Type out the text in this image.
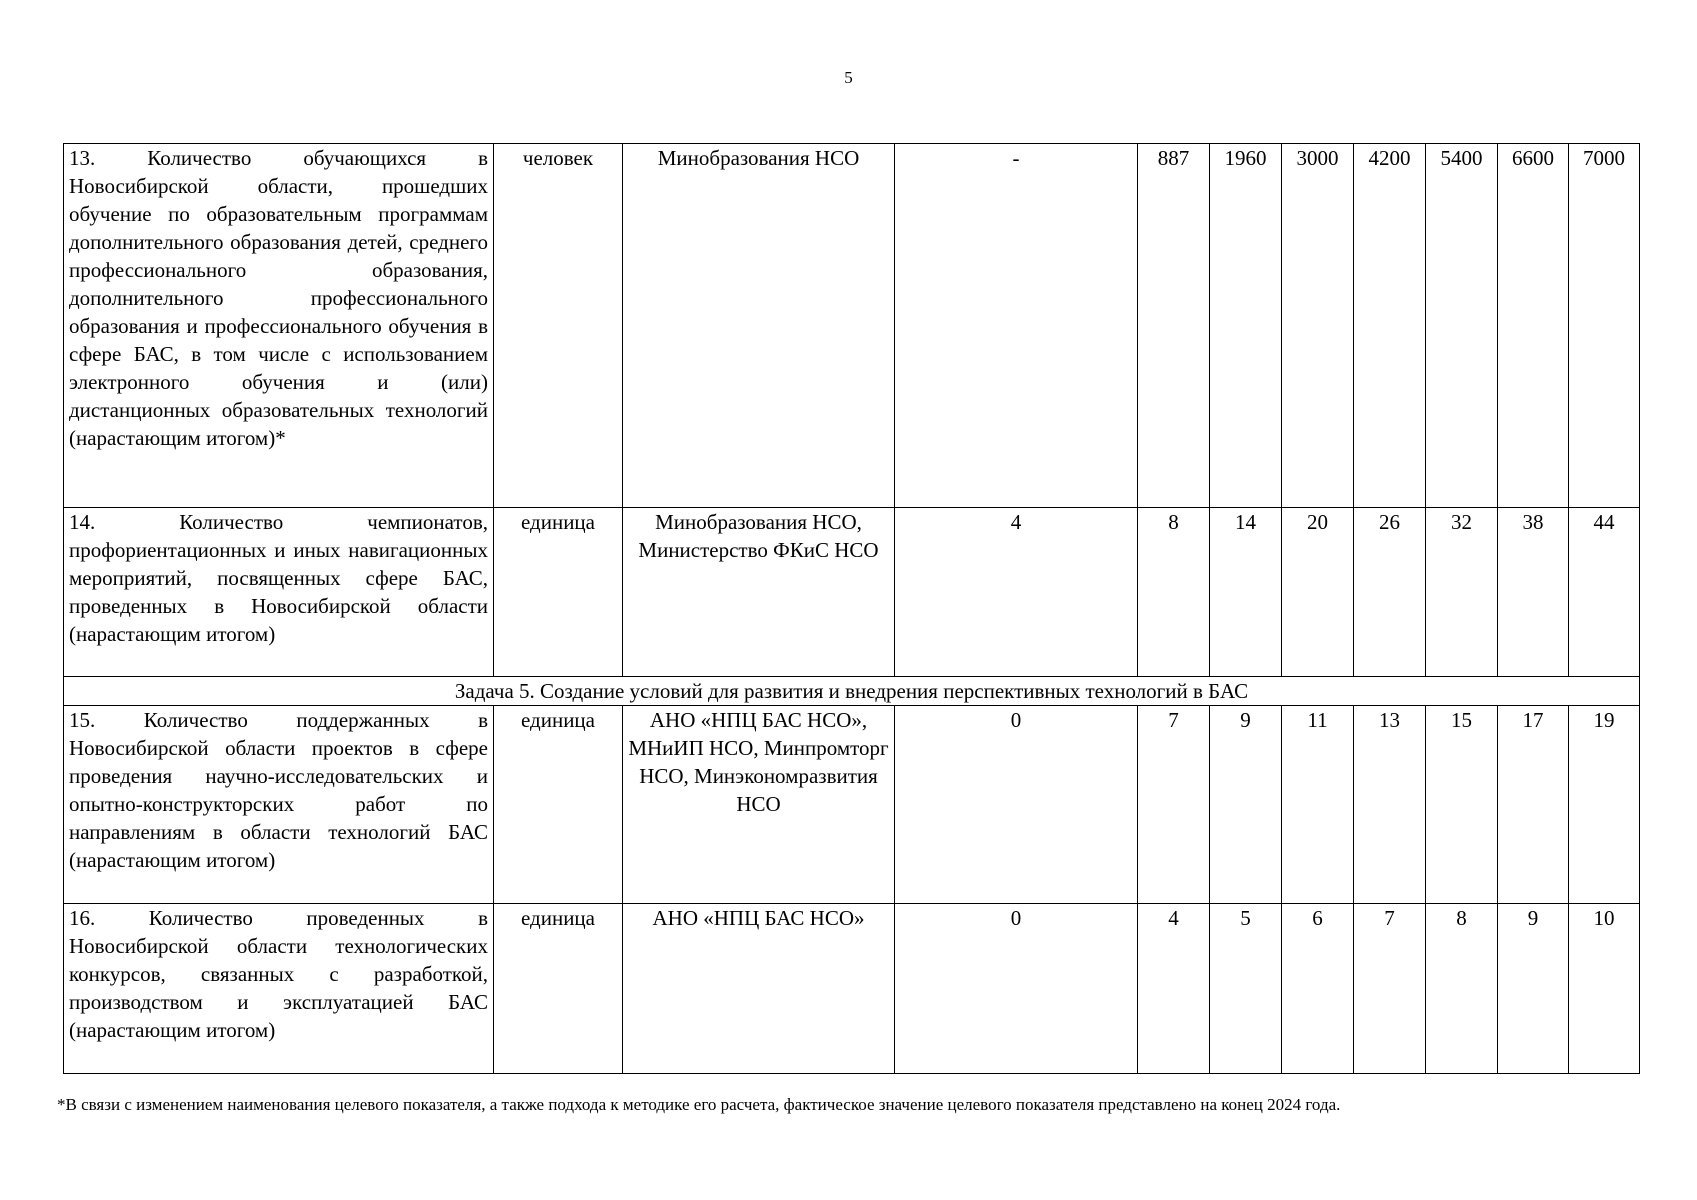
5
13. Количество обучающихся в Новосибирской области, прошедших обучение по образовательным программам дополнительного образования детей, среднего профессионального образования, дополнительного профессионального образования и профессионального обучения в сфере БАС, в том числе с использованием электронного обучения и (или) дистанционных образовательных технологий (нарастающим итогом)*	человек	Минобразования НСО	-	887	1960	3000	4200	5400	6600	7000
14. Количество чемпионатов, профориентационных и иных навигационных мероприятий, посвященных сфере БАС, проведенных в Новосибирской области (нарастающим итогом)	единица	Минобразования НСО, Министерство ФКиС НСО	4	8	14	20	26	32	38	44
Задача 5. Создание условий для развития и внедрения перспективных технологий в БАС										
15. Количество поддержанных в Новосибирской области проектов в сфере проведения научно-исследовательских и опытно-конструкторских работ по направлениям в области технологий БАС (нарастающим итогом)	единица	АНО «НПЦ БАС НСО», МНиИП НСО, Минпромторг НСО, Минэкономразвития НСО	0	7	9	11	13	15	17	19
16. Количество проведенных в Новосибирской области технологических конкурсов, связанных с разработкой, производством и эксплуатацией БАС (нарастающим итогом)	единица	АНО «НПЦ БАС НСО»	0	4	5	6	7	8	9	10
*В связи с изменением наименования целевого показателя, а также подхода к методике его расчета, фактическое значение целевого показателя представлено на конец 2024 года.
